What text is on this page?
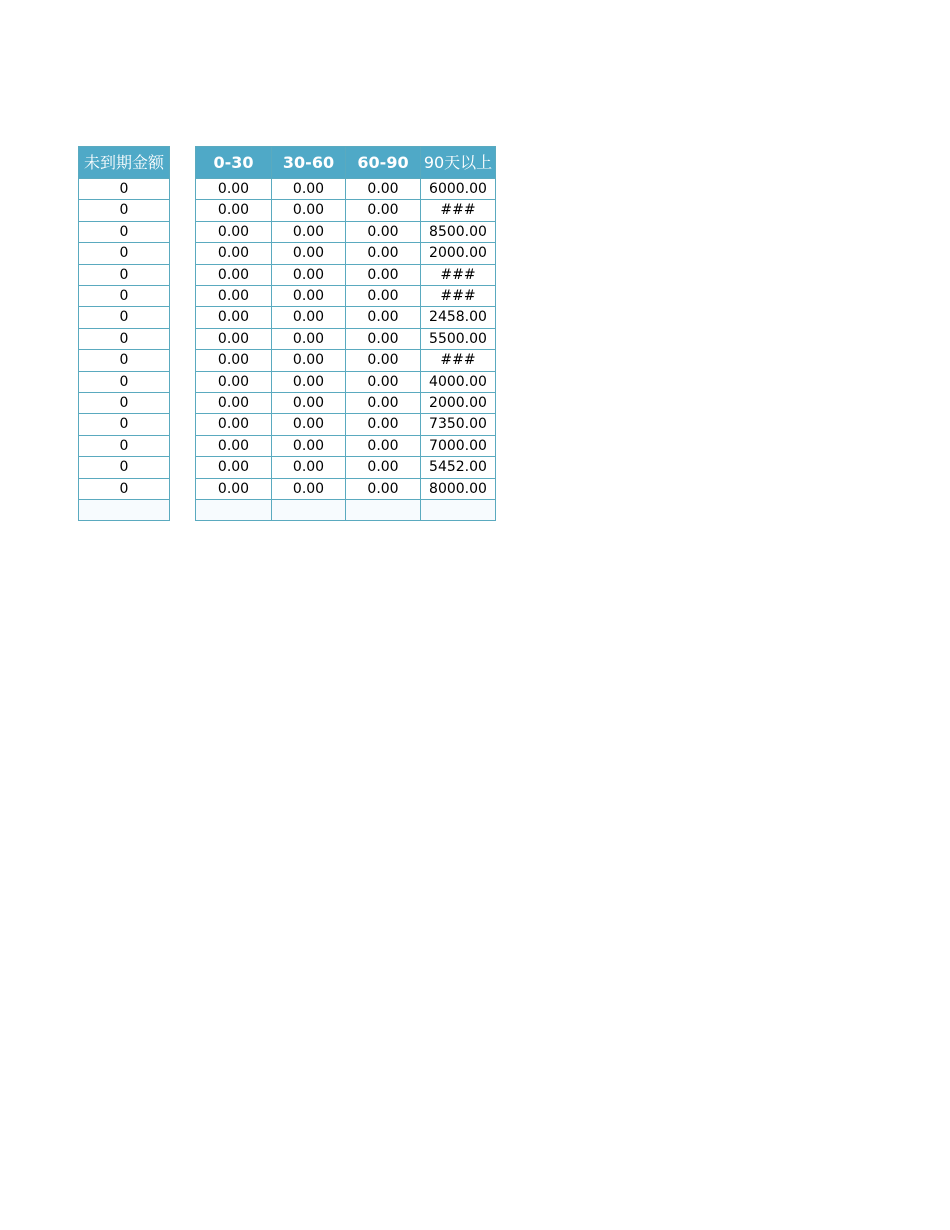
未到期金额
0
0
0
0
0
0
0
0
0
0
0
0
0
0
0

0-30	30-60	60-90	90天以上
0.00	0.00	0.00	6000.00
0.00	0.00	0.00	###
0.00	0.00	0.00	8500.00
0.00	0.00	0.00	2000.00
0.00	0.00	0.00	###
0.00	0.00	0.00	###
0.00	0.00	0.00	2458.00
0.00	0.00	0.00	5500.00
0.00	0.00	0.00	###
0.00	0.00	0.00	4000.00
0.00	0.00	0.00	2000.00
0.00	0.00	0.00	7350.00
0.00	0.00	0.00	7000.00
0.00	0.00	0.00	5452.00
0.00	0.00	0.00	8000.00
